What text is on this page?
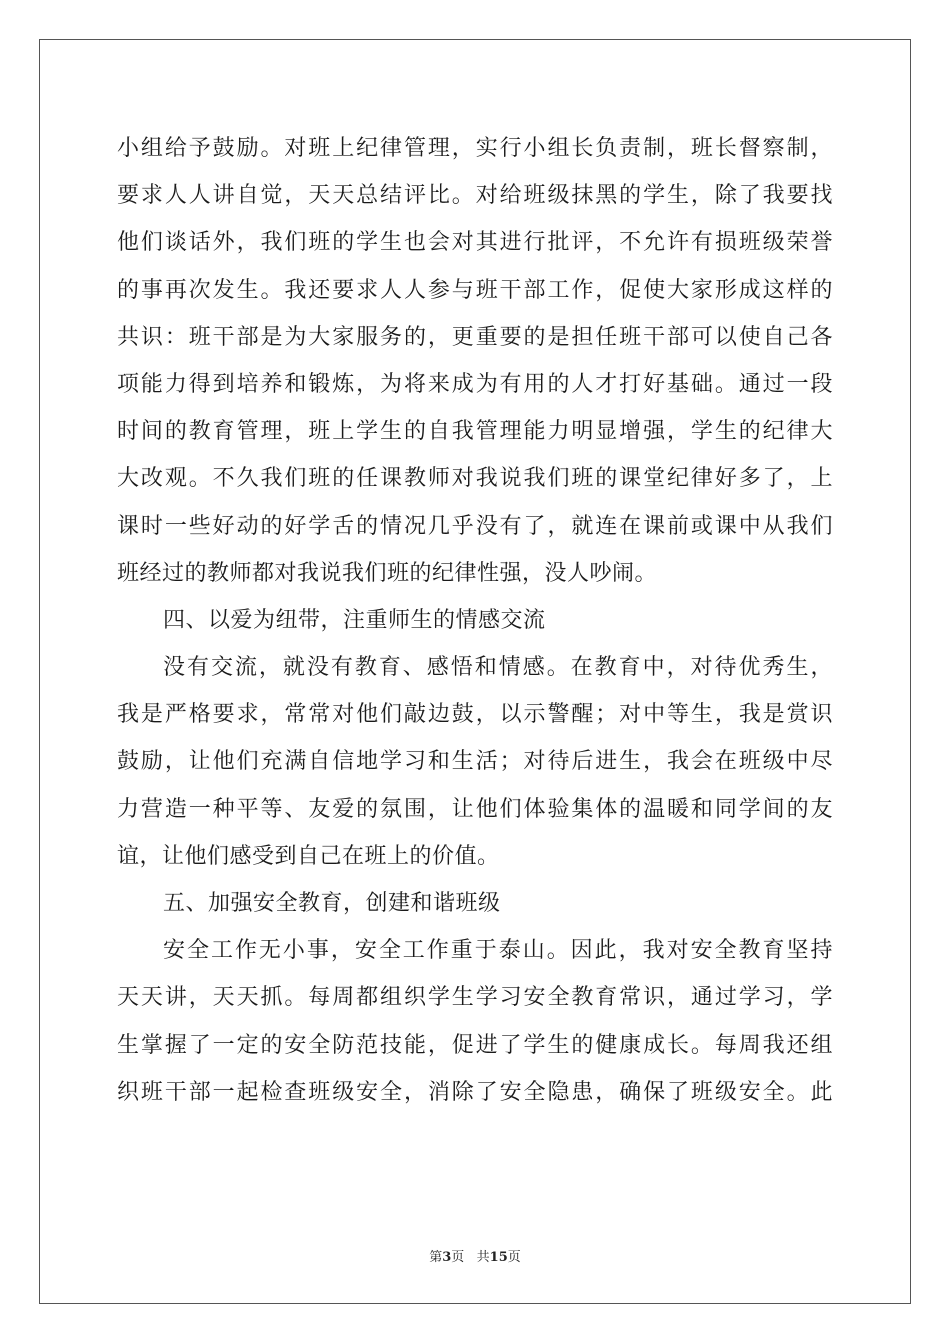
小组给予鼓励。对班上纪律管理，实行小组长负责制，班长督察制，
要求人人讲自觉，天天总结评比。对给班级抹黑的学生，除了我要找
他们谈话外，我们班的学生也会对其进行批评，不允许有损班级荣誉
的事再次发生。我还要求人人参与班干部工作，促使大家形成这样的
共识：班干部是为大家服务的，更重要的是担任班干部可以使自己各
项能力得到培养和锻炼，为将来成为有用的人才打好基础。通过一段
时间的教育管理，班上学生的自我管理能力明显增强，学生的纪律大
大改观。不久我们班的任课教师对我说我们班的课堂纪律好多了，上
课时一些好动的好学舌的情况几乎没有了，就连在课前或课中从我们
班经过的教师都对我说我们班的纪律性强，没人吵闹。
四、以爱为纽带，注重师生的情感交流
没有交流，就没有教育、感悟和情感。在教育中，对待优秀生，
我是严格要求，常常对他们敲边鼓，以示警醒；对中等生，我是赏识
鼓励，让他们充满自信地学习和生活；对待后进生，我会在班级中尽
力营造一种平等、友爱的氛围，让他们体验集体的温暖和同学间的友
谊，让他们感受到自己在班上的价值。
五、加强安全教育，创建和谐班级
安全工作无小事，安全工作重于泰山。因此，我对安全教育坚持
天天讲，天天抓。每周都组织学生学习安全教育常识，通过学习，学
生掌握了一定的安全防范技能，促进了学生的健康成长。每周我还组
织班干部一起检查班级安全，消除了安全隐患，确保了班级安全。此
第3页   共15页
